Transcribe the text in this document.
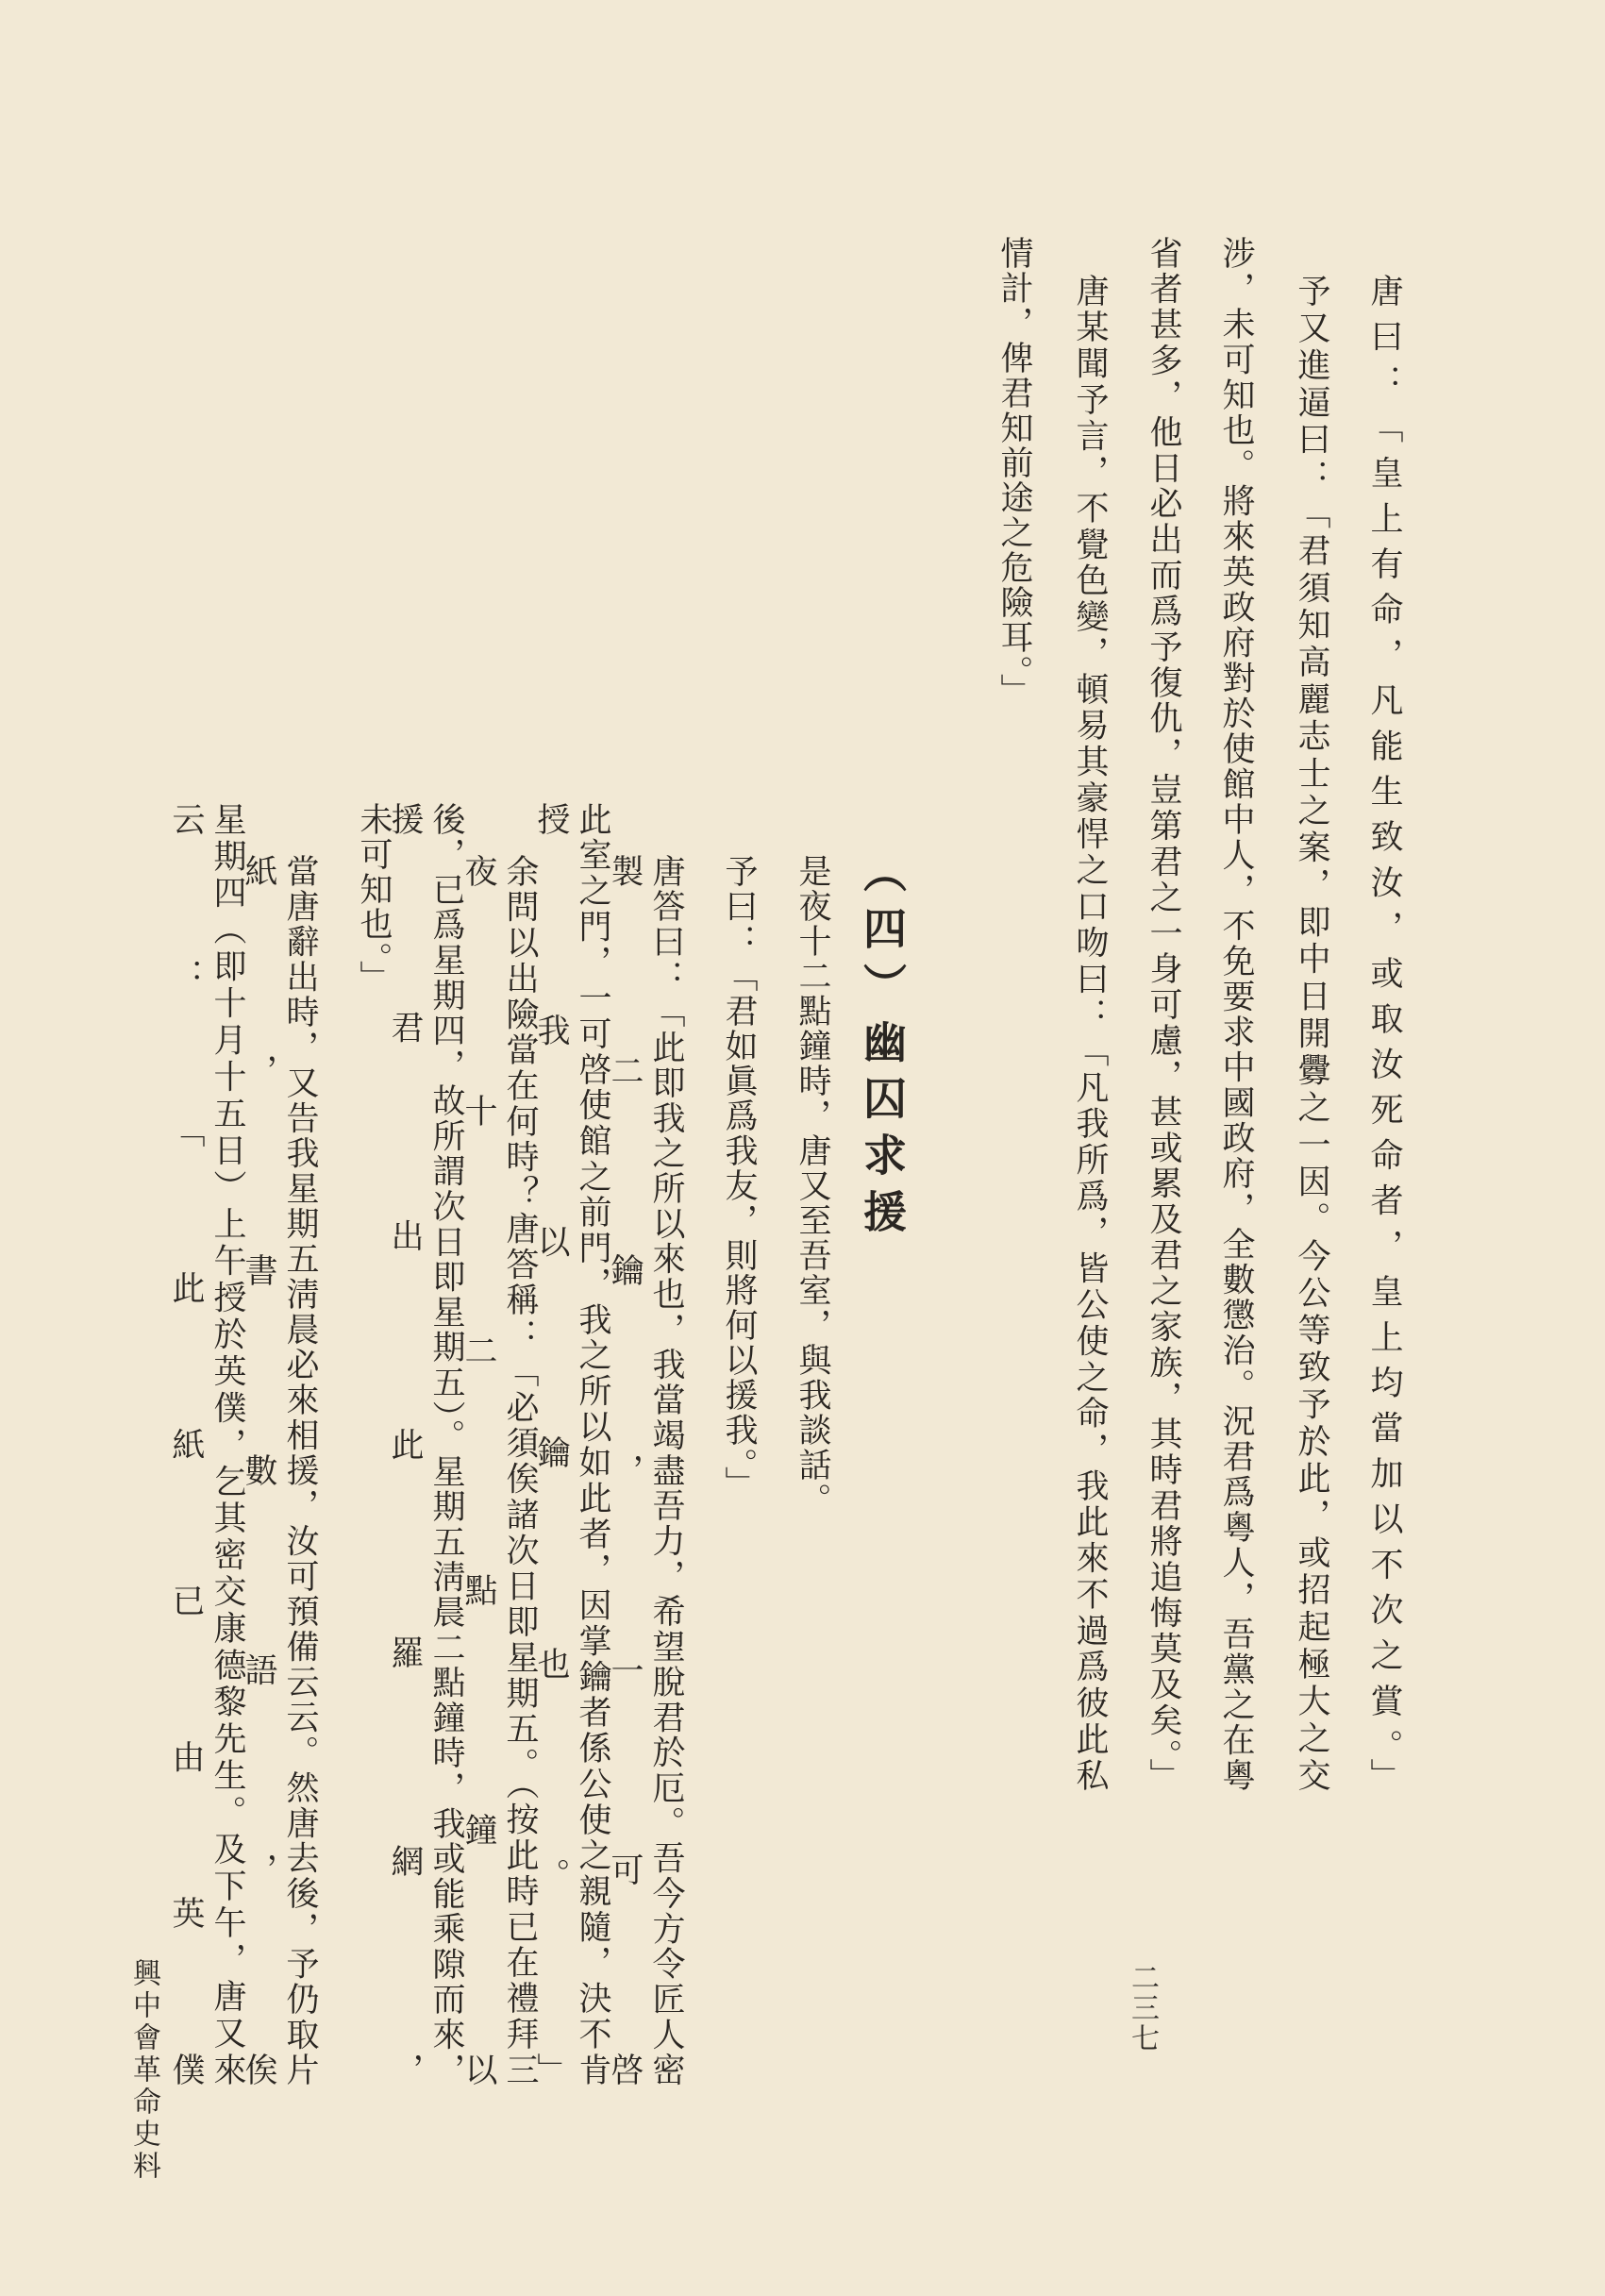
唐曰：「皇上有命，凡能生致汝，或取汝死命者，皇上均當加以不次之賞。」
予又進逼曰：「君須知高麗志士之案，即中日開釁之一因。今公等致予於此，或招起極大之交
涉，未可知也。將來英政府對於使館中人，不免要求中國政府，全數懲治。況君爲粵人，吾黨之在粵
省者甚多，他日必出而爲予復仇，豈第君之一身可慮，甚或累及君之家族，其時君將追悔莫及矣。」
唐某聞予言，不覺色變，頓易其豪悍之口吻曰：「凡我所爲，皆公使之命，我此來不過爲彼此私
情計，俾君知前途之危險耳。」
（四）幽囚求援
是夜十二點鐘時，唐又至吾室，與我談話。
予曰：「君如眞爲我友，則將何以援我。」
唐答曰：「此即我之所以來也，我當竭盡吾力，希望脫君於厄。吾今方令匠人密製二鑰，一可啓
此室之門，一可啓使館之前門，我之所以如此者，因掌鑰者係公使之親隨，決不肯授我以鑰也。」
余問以出險當在何時？唐答稱：「必須俟諸次日即星期五。（按此時已在禮拜三夜十二點鐘以
後，已爲星期四，故所謂次日即星期五）。星期五淸晨二點鐘時，我或能乘隙而來，援君出此羅網，
未可知也。」
當唐辭出時，又告我星期五淸晨必來相援，汝可預備云云。然唐去後，予仍取片紙，書數語，俟
星期四（即十月十五日）上午授於英僕，乞其密交康德黎先生。及下午，唐又來云：「此紙已由英僕
興中會革命史料	二三七
